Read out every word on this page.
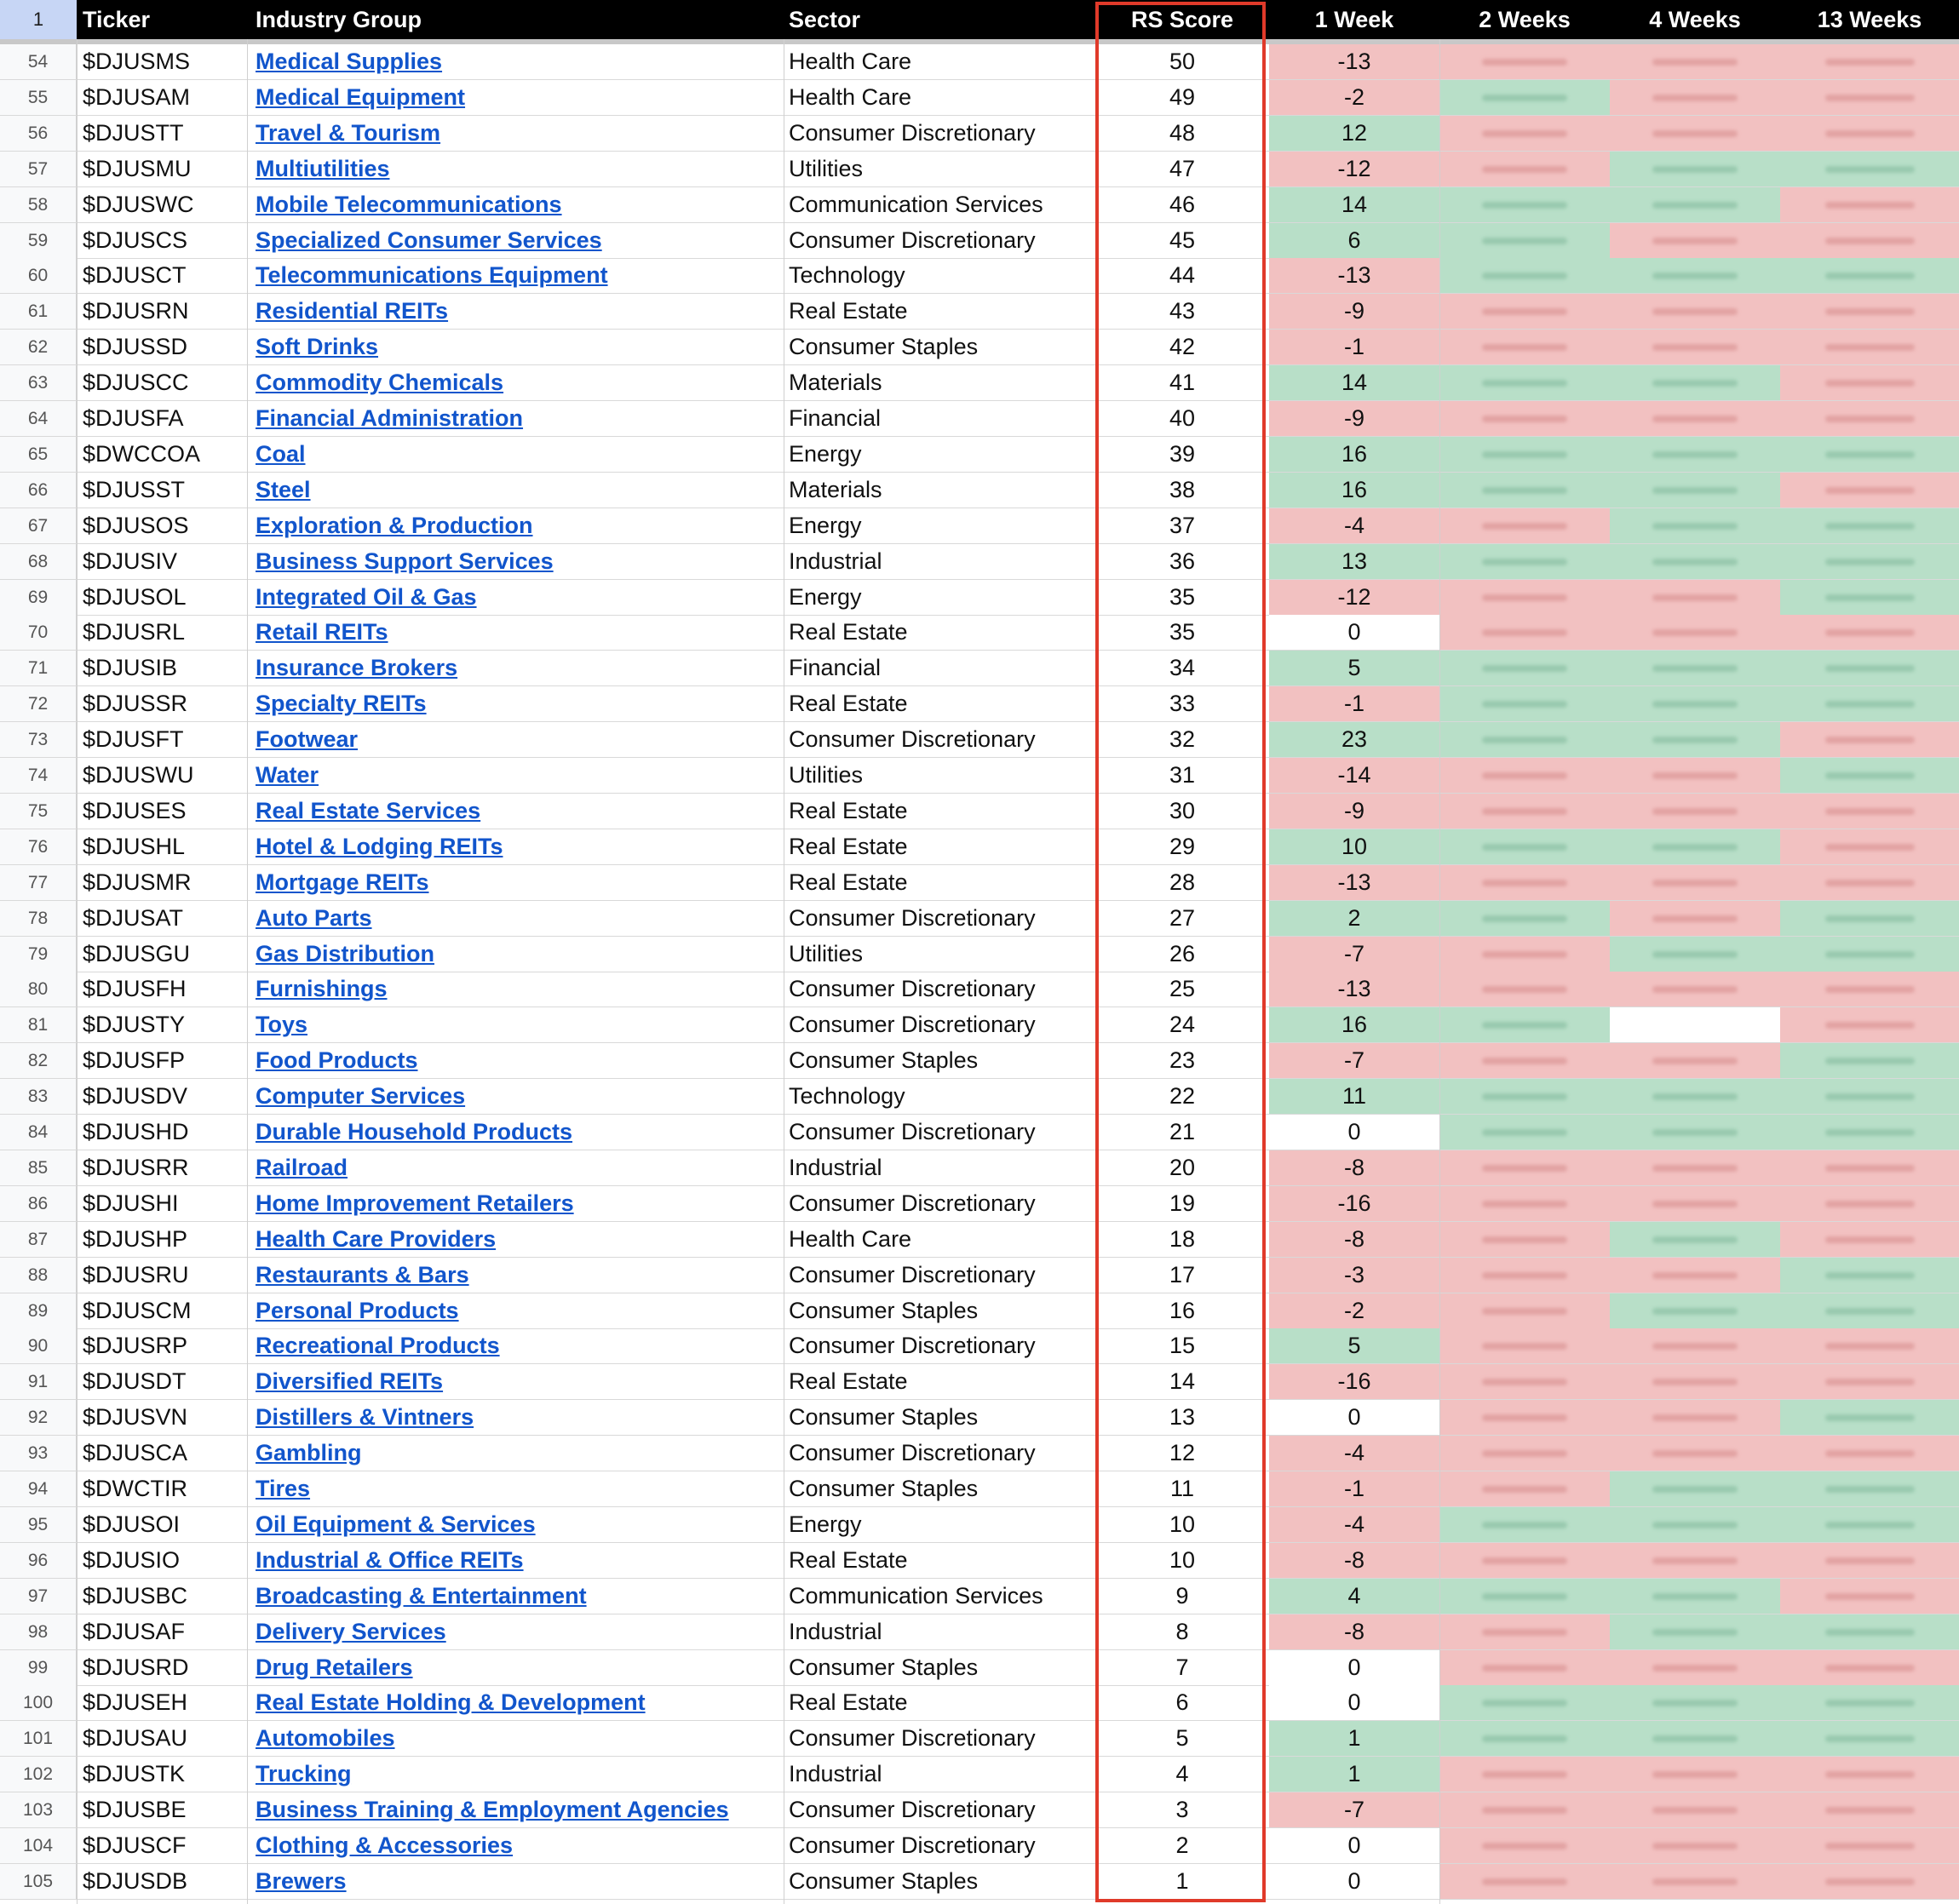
1	Ticker	Industry Group	Sector	RS Score	1 Week	2 Weeks	4 Weeks	13 Weeks
54	$DJUSMS	Medical Supplies	Health Care	50	-13
55	$DJUSAM	Medical Equipment	Health Care	49	-2
56	$DJUSTT	Travel & Tourism	Consumer Discretionary	48	12
57	$DJUSMU	Multiutilities	Utilities	47	-12
58	$DJUSWC	Mobile Telecommunications	Communication Services	46	14
59	$DJUSCS	Specialized Consumer Services	Consumer Discretionary	45	6
60	$DJUSCT	Telecommunications Equipment	Technology	44	-13
61	$DJUSRN	Residential REITs	Real Estate	43	-9
62	$DJUSSD	Soft Drinks	Consumer Staples	42	-1
63	$DJUSCC	Commodity Chemicals	Materials	41	14
64	$DJUSFA	Financial Administration	Financial	40	-9
65	$DWCCOA	Coal	Energy	39	16
66	$DJUSST	Steel	Materials	38	16
67	$DJUSOS	Exploration & Production	Energy	37	-4
68	$DJUSIV	Business Support Services	Industrial	36	13
69	$DJUSOL	Integrated Oil & Gas	Energy	35	-12
70	$DJUSRL	Retail REITs	Real Estate	35	0
71	$DJUSIB	Insurance Brokers	Financial	34	5
72	$DJUSSR	Specialty REITs	Real Estate	33	-1
73	$DJUSFT	Footwear	Consumer Discretionary	32	23
74	$DJUSWU	Water	Utilities	31	-14
75	$DJUSES	Real Estate Services	Real Estate	30	-9
76	$DJUSHL	Hotel & Lodging REITs	Real Estate	29	10
77	$DJUSMR	Mortgage REITs	Real Estate	28	-13
78	$DJUSAT	Auto Parts	Consumer Discretionary	27	2
79	$DJUSGU	Gas Distribution	Utilities	26	-7
80	$DJUSFH	Furnishings	Consumer Discretionary	25	-13
81	$DJUSTY	Toys	Consumer Discretionary	24	16
82	$DJUSFP	Food Products	Consumer Staples	23	-7
83	$DJUSDV	Computer Services	Technology	22	11
84	$DJUSHD	Durable Household Products	Consumer Discretionary	21	0
85	$DJUSRR	Railroad	Industrial	20	-8
86	$DJUSHI	Home Improvement Retailers	Consumer Discretionary	19	-16
87	$DJUSHP	Health Care Providers	Health Care	18	-8
88	$DJUSRU	Restaurants & Bars	Consumer Discretionary	17	-3
89	$DJUSCM	Personal Products	Consumer Staples	16	-2
90	$DJUSRP	Recreational Products	Consumer Discretionary	15	5
91	$DJUSDT	Diversified REITs	Real Estate	14	-16
92	$DJUSVN	Distillers & Vintners	Consumer Staples	13	0
93	$DJUSCA	Gambling	Consumer Discretionary	12	-4
94	$DWCTIR	Tires	Consumer Staples	11	-1
95	$DJUSOI	Oil Equipment & Services	Energy	10	-4
96	$DJUSIO	Industrial & Office REITs	Real Estate	10	-8
97	$DJUSBC	Broadcasting & Entertainment	Communication Services	9	4
98	$DJUSAF	Delivery Services	Industrial	8	-8
99	$DJUSRD	Drug Retailers	Consumer Staples	7	0
100	$DJUSEH	Real Estate Holding & Development	Real Estate	6	0
101	$DJUSAU	Automobiles	Consumer Discretionary	5	1
102	$DJUSTK	Trucking	Industrial	4	1
103	$DJUSBE	Business Training & Employment Agencies	Consumer Discretionary	3	-7
104	$DJUSCF	Clothing & Accessories	Consumer Discretionary	2	0
105	$DJUSDB	Brewers	Consumer Staples	1	0
